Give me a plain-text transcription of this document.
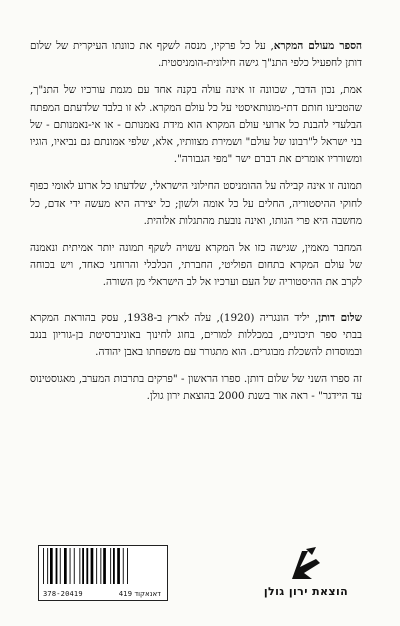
הספר מעולם המקרא, על כל פרקיו, מנסה לשקף את כוונתו העיקרית של שלום דותן לחפעיל כלפי התנ"ך גישה חילונית-הומניסטית.

אמת, נכון הדבר, שכוונה זו אינה עולה בקנה אחד עם מגמת עורכיו של התנ"ך, שהטביעו חותם דתי-מונותאיסטי על כל עולם המקרא. לא זו בלבד שלדעתם המפתח הבלעדי להבנת כל ארועי עולם המקרא הוא מידת נאמנותם - או אי-נאמנותם - של בני ישראל ל"רבונו של עולם" ושמירת מצוותיו, אלא, שלפי אמונתם גם נביאיו, הוגיו ומשורריו אומרים את דברם ישר "מפי הגבורה".

תמונה זו אינה קבילה על ההומניסט החילוני הישראלי, שלדעתו כל ארוע לאומי כפוף לחוקי ההיסטוריה, החלים על כל אומה ולשון; כל יצירה היא מעשה ידי אדם, כל מחשבה היא פרי הגותו, ואינה נובעת מהתגלות אלוהית.

המחבר מאמין, שגישה כזו אל המקרא עשויה לשקף תמונה יותר אמיתית ונאמנה של עולם המקרא בתחום הפוליטי, החברתי, הכלכלי והרוחני כאחד, ויש בכוחה לקרב את ההיסטוריה של העם וערכיו אל לב הישראלי מן השורה.

שלום דותן, יליד הונגריה (1920), עלה לארץ ב-1938, עסק בהוראת המקרא בבתי ספר תיכוניים, במכללות למורים, בחוג לחינוך באוניברסיטת בן-גוריון בנגב ובמוסדות להשכלת מבוגרים. הוא מתגורר עם משפחתו באבן יהודה.

זה ספרו השני של שלום דותן. ספרו הראשון - "פרקים בתרבות המערב, מאגוסטינוס עד היידגר" - ראה אור בשנת 2000 בהוצאת ירון גולן.

378-20419	דאנאקוד 419	הוצאת ירון גולן
